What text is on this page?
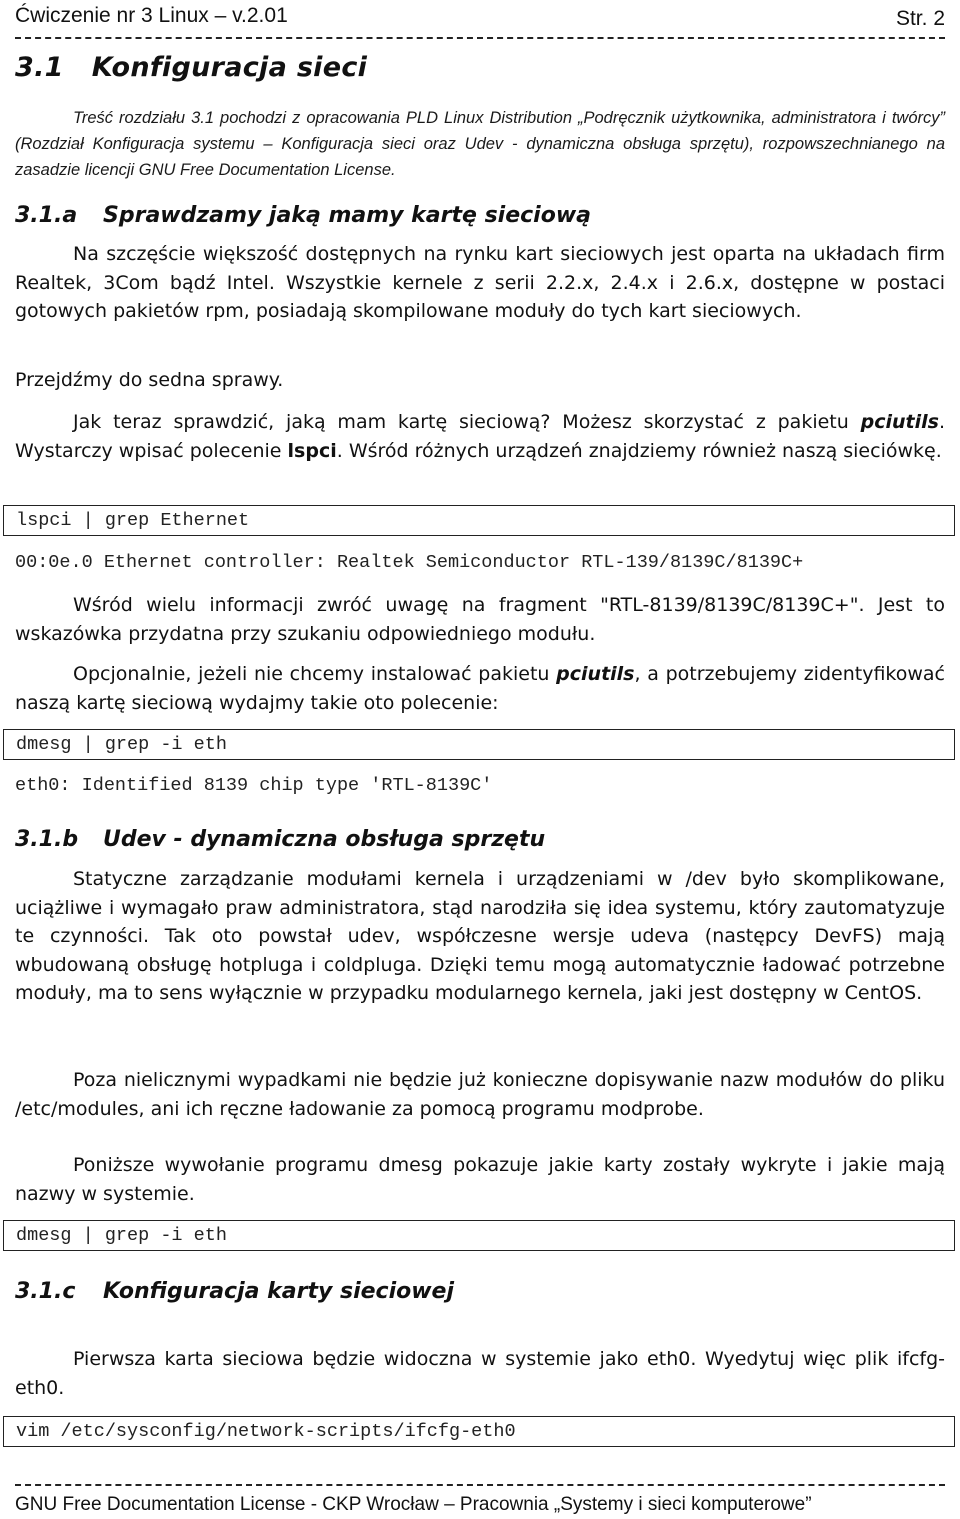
Ćwiczenie nr 3 Linux – v.2.01	Str. 2
3.1 Konfiguracja sieci
Treść rozdziału 3.1 pochodzi z opracowania PLD Linux Distribution „Podręcznik użytkownika, administratora i twórcy” (Rozdział Konfiguracja systemu – Konfiguracja sieci oraz Udev - dynamiczna obsługa sprzętu), rozpowszechnianego na zasadzie licencji GNU Free Documentation License.
3.1.a Sprawdzamy jaką mamy kartę sieciową

Na szczęście większość dostępnych na rynku kart sieciowych jest oparta na układach firm Realtek, 3Com bądź Intel. Wszystkie kernele z serii 2.2.x, 2.4.x i 2.6.x, dostępne w postaci gotowych pakietów rpm, posiadają skompilowane moduły do tych kart sieciowych.

Przejdźmy do sedna sprawy.

Jak teraz sprawdzić, jaką mam kartę sieciową? Możesz skorzystać z pakietu pciutils. Wystarczy wpisać polecenie lspci. Wśród różnych urządzeń znajdziemy również naszą sieciówkę.

lspci | grep Ethernet
00:0e.0 Ethernet controller: Realtek Semiconductor RTL-139/8139C/8139C+

Wśród wielu informacji zwróć uwagę na fragment "RTL-8139/8139C/8139C+". Jest to wskazówka przydatna przy szukaniu odpowiedniego modułu.

Opcjonalnie, jeżeli nie chcemy instalować pakietu pciutils, a potrzebujemy zidentyfikować naszą kartę sieciową wydajmy takie oto polecenie:

dmesg | grep -i eth
eth0: Identified 8139 chip type 'RTL-8139C'
3.1.b Udev - dynamiczna obsługa sprzętu

Statyczne zarządzanie modułami kernela i urządzeniami w /dev było skomplikowane, uciążliwe i wymagało praw administratora, stąd narodziła się idea systemu, który zautomatyzuje te czynności. Tak oto powstał udev, współczesne wersje udeva (następcy DevFS) mają wbudowaną obsługę hotpluga i coldpluga. Dzięki temu mogą automatycznie ładować potrzebne moduły, ma to sens wyłącznie w przypadku modularnego kernela, jaki jest dostępny w CentOS.

Poza nielicznymi wypadkami nie będzie już konieczne dopisywanie nazw modułów do pliku /etc/modules, ani ich ręczne ładowanie za pomocą programu modprobe.

Poniższe wywołanie programu dmesg pokazuje jakie karty zostały wykryte i jakie mają nazwy w systemie.

dmesg | grep -i eth
3.1.c Konfiguracja karty sieciowej

Pierwsza karta sieciowa będzie widoczna w systemie jako eth0. Wyedytuj więc plik ifcfg-eth0.

vim /etc/sysconfig/network-scripts/ifcfg-eth0
GNU Free Documentation License - CKP Wrocław – Pracownia „Systemy i sieci komputerowe”
